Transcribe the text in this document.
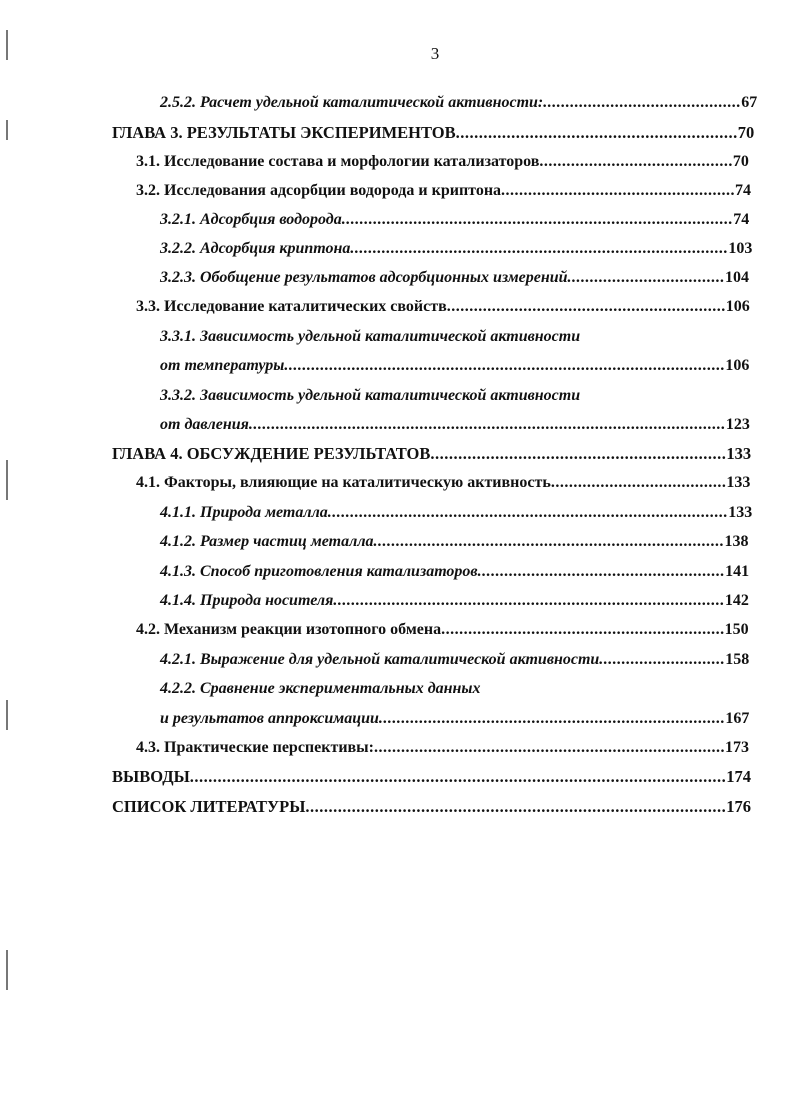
3
2.5.2. Расчет удельной каталитической активности:............................................67
ГЛАВА 3. РЕЗУЛЬТАТЫ ЭКСПЕРИМЕНТОВ.............................................................70
3.1. Исследование состава и морфологии катализаторов...........................................70
3.2. Исследования адсорбции водорода и криптона....................................................74
3.2.1. Адсорбция водорода.......................................................................................74
3.2.2. Адсорбция криптона....................................................................................103
3.2.3. Обобщение результатов адсорбционных измерений...................................104
3.3. Исследование каталитических свойств..............................................................106
3.3.1. Зависимость удельной каталитической активности
от температуры..................................................................................................106
3.3.2. Зависимость удельной каталитической активности
от давления..........................................................................................................123
ГЛАВА 4. ОБСУЖДЕНИЕ РЕЗУЛЬТАТОВ................................................................133
4.1. Факторы, влияющие на каталитическую активность.......................................133
4.1.1. Природа металла.........................................................................................133
4.1.2. Размер частиц металла..............................................................................138
4.1.3. Способ приготовления катализаторов.......................................................141
4.1.4. Природа носителя.......................................................................................142
4.2. Механизм реакции изотопного обмена...............................................................150
4.2.1. Выражение для удельной каталитической активности............................158
4.2.2. Сравнение экспериментальных данных
и результатов аппроксимации.............................................................................167
4.3. Практические перспективы:..............................................................................173
ВЫВОДЫ....................................................................................................................174
СПИСОК ЛИТЕРАТУРЫ...........................................................................................176
